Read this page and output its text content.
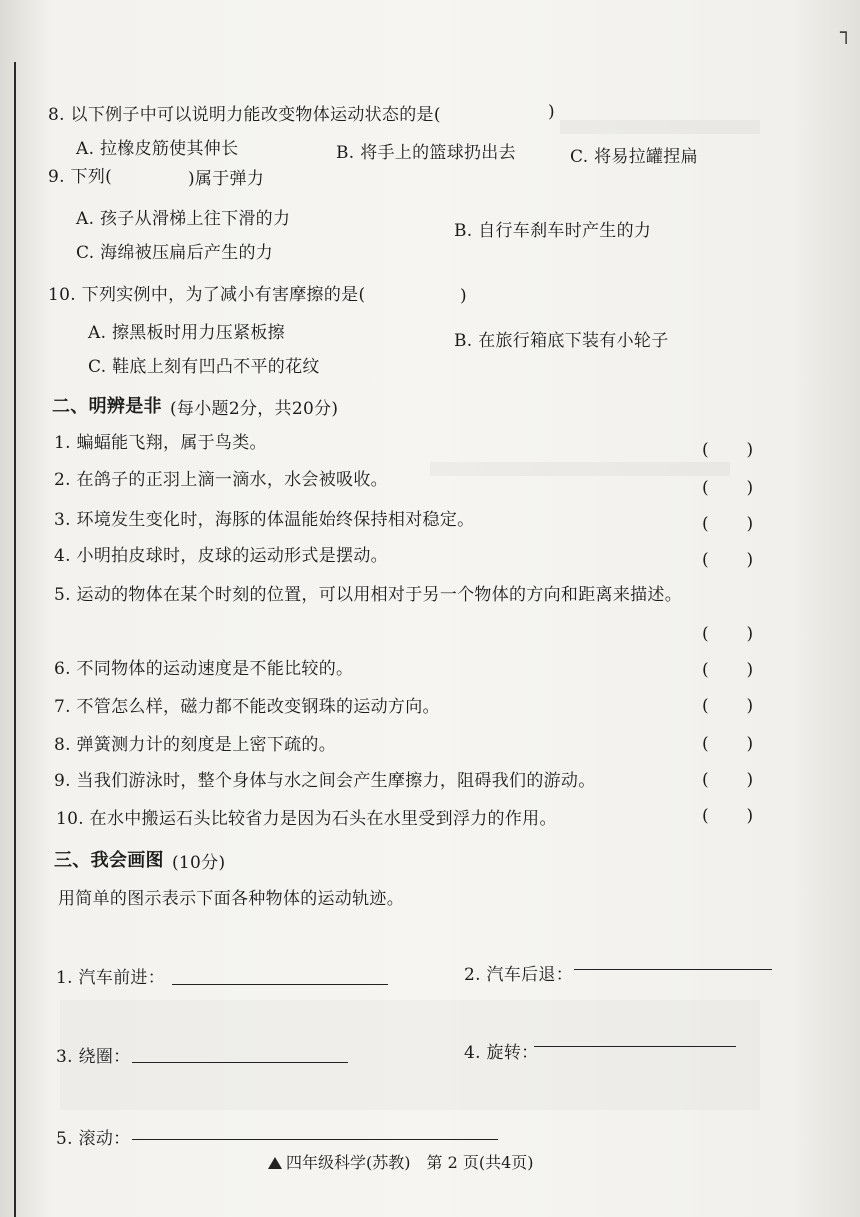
┐
8. 以下例子中可以说明力能改变物体运动状态的是(	)
A. 拉橡皮筋使其伸长	B. 将手上的篮球扔出去	C. 将易拉罐捏扁
9. 下列(	)属于弹力
A. 孩子从滑梯上往下滑的力
B. 自行车刹车时产生的力
C. 海绵被压扁后产生的力
10. 下列实例中，为了减小有害摩擦的是(	)
A. 擦黑板时用力压紧板擦	B. 在旅行箱底下装有小轮子
C. 鞋底上刻有凹凸不平的花纹
二、明辨是非 (每小题2分，共20分)
1. 蝙蝠能飞翔，属于鸟类。	(       )
2. 在鸽子的正羽上滴一滴水，水会被吸收。	(       )
3. 环境发生变化时，海豚的体温能始终保持相对稳定。	(       )
4. 小明拍皮球时，皮球的运动形式是摆动。	(       )
5. 运动的物体在某个时刻的位置，可以用相对于另一个物体的方向和距离来描述。
(       )
6. 不同物体的运动速度是不能比较的。	(       )
7. 不管怎么样，磁力都不能改变钢珠的运动方向。	(       )
8. 弹簧测力计的刻度是上密下疏的。	(       )
9. 当我们游泳时，整个身体与水之间会产生摩擦力，阻碍我们的游动。	(       )
10. 在水中搬运石头比较省力是因为石头在水里受到浮力的作用。	(       )
三、我会画图 (10分)
用简单的图示表示下面各种物体的运动轨迹。
1. 汽车前进：	2. 汽车后退：
3. 绕圈：	4. 旋转：
5. 滚动：
四年级科学(苏教)　第 2 页(共4页)
